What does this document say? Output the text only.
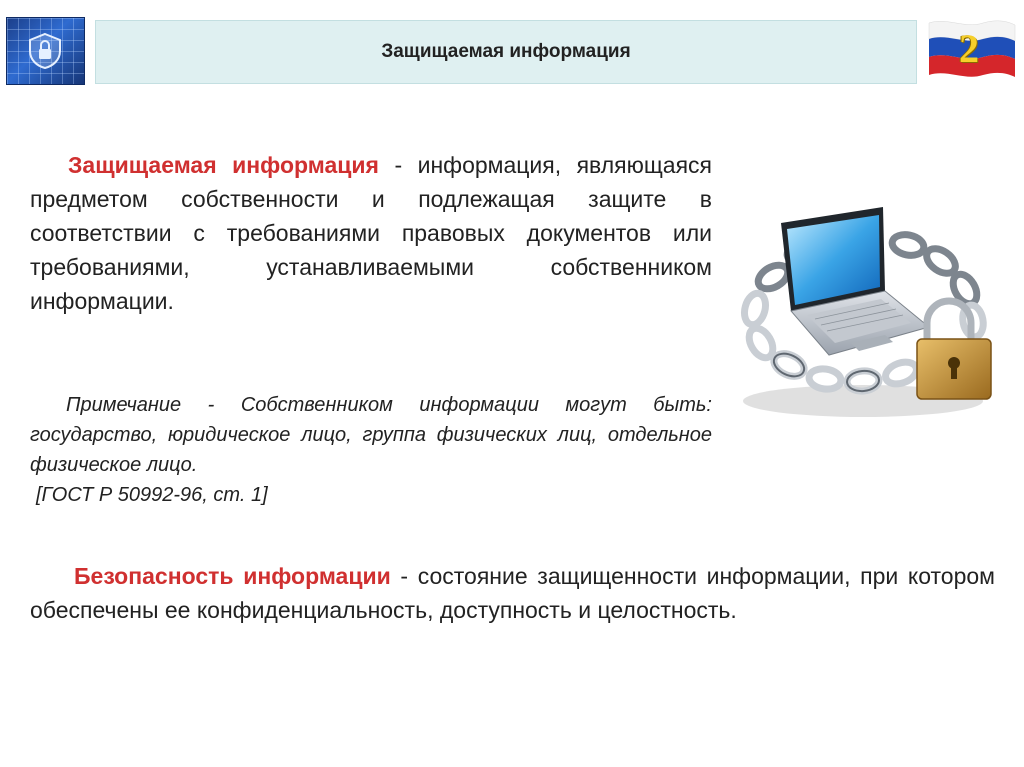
Защищаемая информация	2
Защищаемая информация - информация, являющаяся предметом собственности и подлежащая защите в соответствии с требованиями правовых документов или требованиями, устанавливаемыми собственником информации.
Примечание - Собственником информации могут быть: государство, юридическое лицо, группа физических лиц, отдельное физическое лицо.
[ГОСТ Р 50992-96, ст. 1]
Безопасность информации - состояние защищенности информации, при котором обеспечены ее конфиденциальность, доступность и целостность.
